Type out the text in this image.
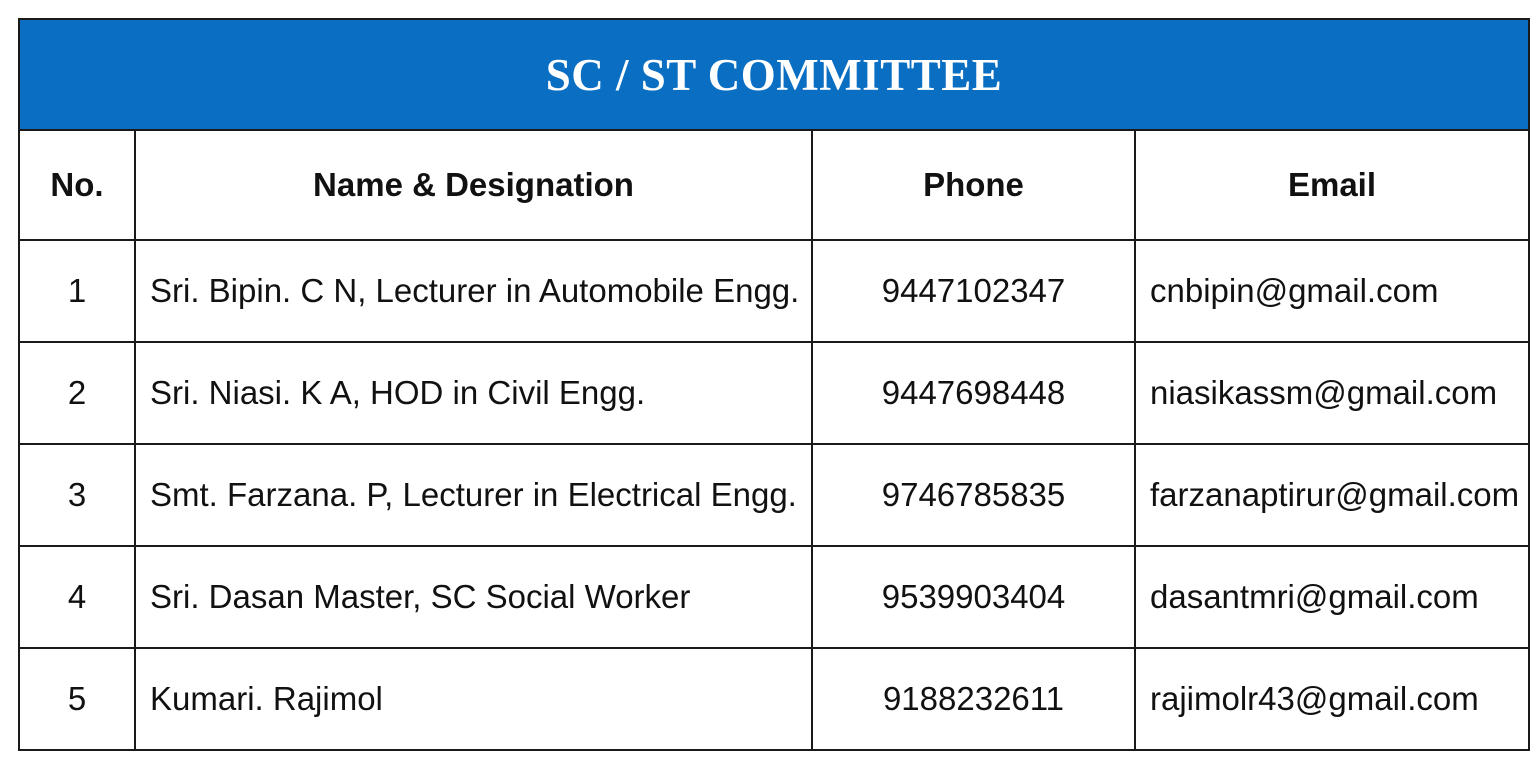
SC / ST COMMITTEE
No.	Name & Designation	Phone	Email
1	Sri. Bipin. C N, Lecturer in Automobile Engg.	9447102347	cnbipin@gmail.com
2	Sri. Niasi. K A, HOD in Civil Engg.	9447698448	niasikassm@gmail.com
3	Smt. Farzana. P, Lecturer in Electrical Engg.	9746785835	farzanaptirur@gmail.com
4	Sri. Dasan Master, SC Social Worker	9539903404	dasantmri@gmail.com
5	Kumari. Rajimol	9188232611	rajimolr43@gmail.com
